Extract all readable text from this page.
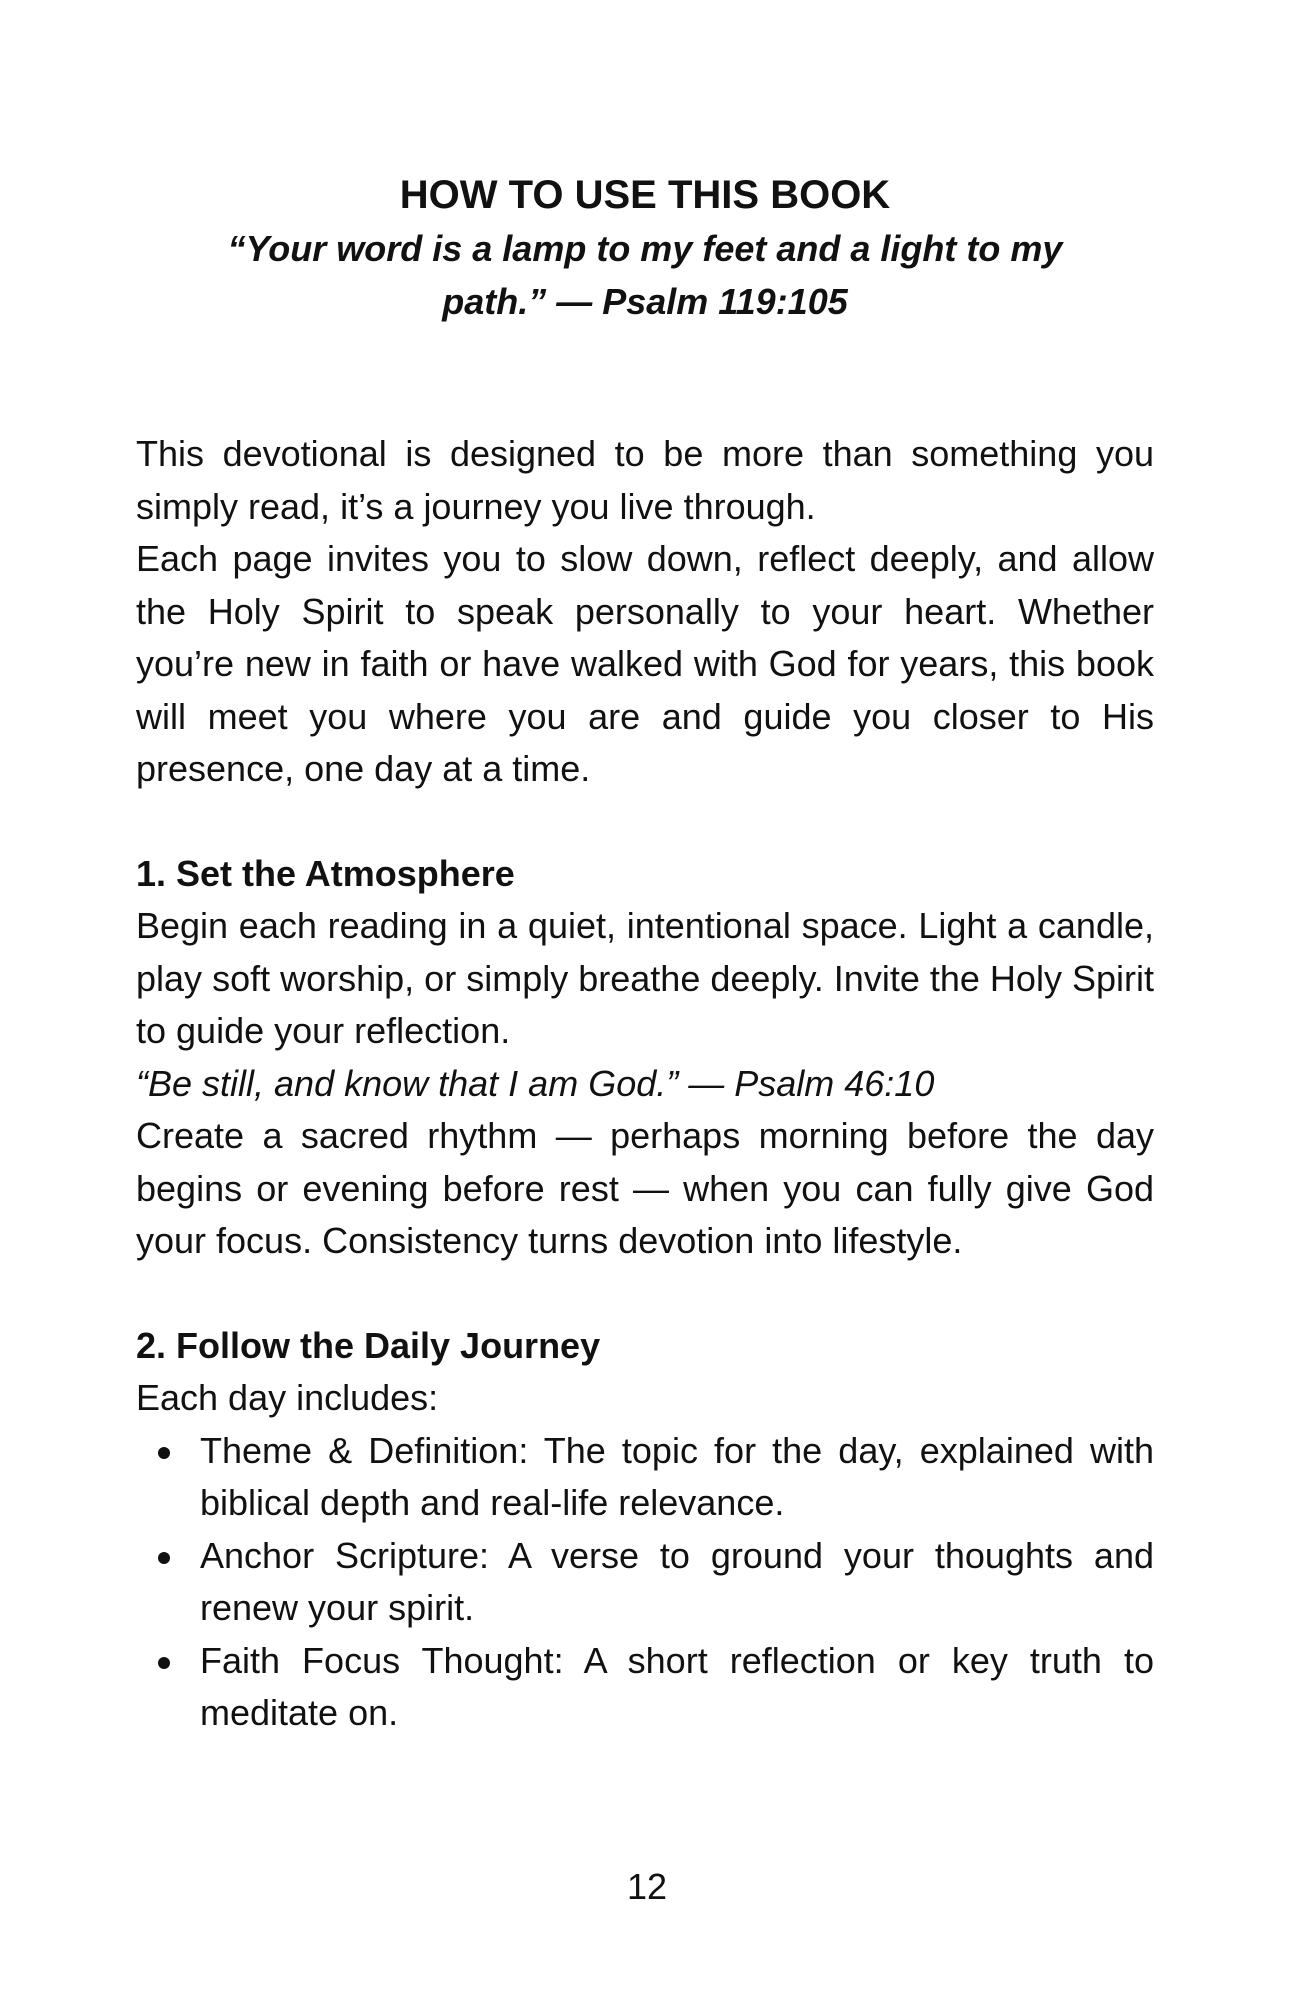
HOW TO USE THIS BOOK

“Your word is a lamp to my feet and a light to my path.” — Psalm 119:105

This devotional is designed to be more than something you simply read, it’s a journey you live through.

Each page invites you to slow down, reflect deeply, and allow the Holy Spirit to speak personally to your heart. Whether you’re new in faith or have walked with God for years, this book will meet you where you are and guide you closer to His presence, one day at a time.

1. Set the Atmosphere

Begin each reading in a quiet, intentional space. Light a candle, play soft worship, or simply breathe deeply. Invite the Holy Spirit to guide your reflection.

“Be still, and know that I am God.” — Psalm 46:10

Create a sacred rhythm — perhaps morning before the day begins or evening before rest — when you can fully give God your focus. Consistency turns devotion into lifestyle.

2. Follow the Daily Journey

Each day includes:

Theme & Definition: The topic for the day, explained with biblical depth and real-life relevance.
Anchor Scripture: A verse to ground your thoughts and renew your spirit.
Faith Focus Thought: A short reflection or key truth to meditate on.
12
